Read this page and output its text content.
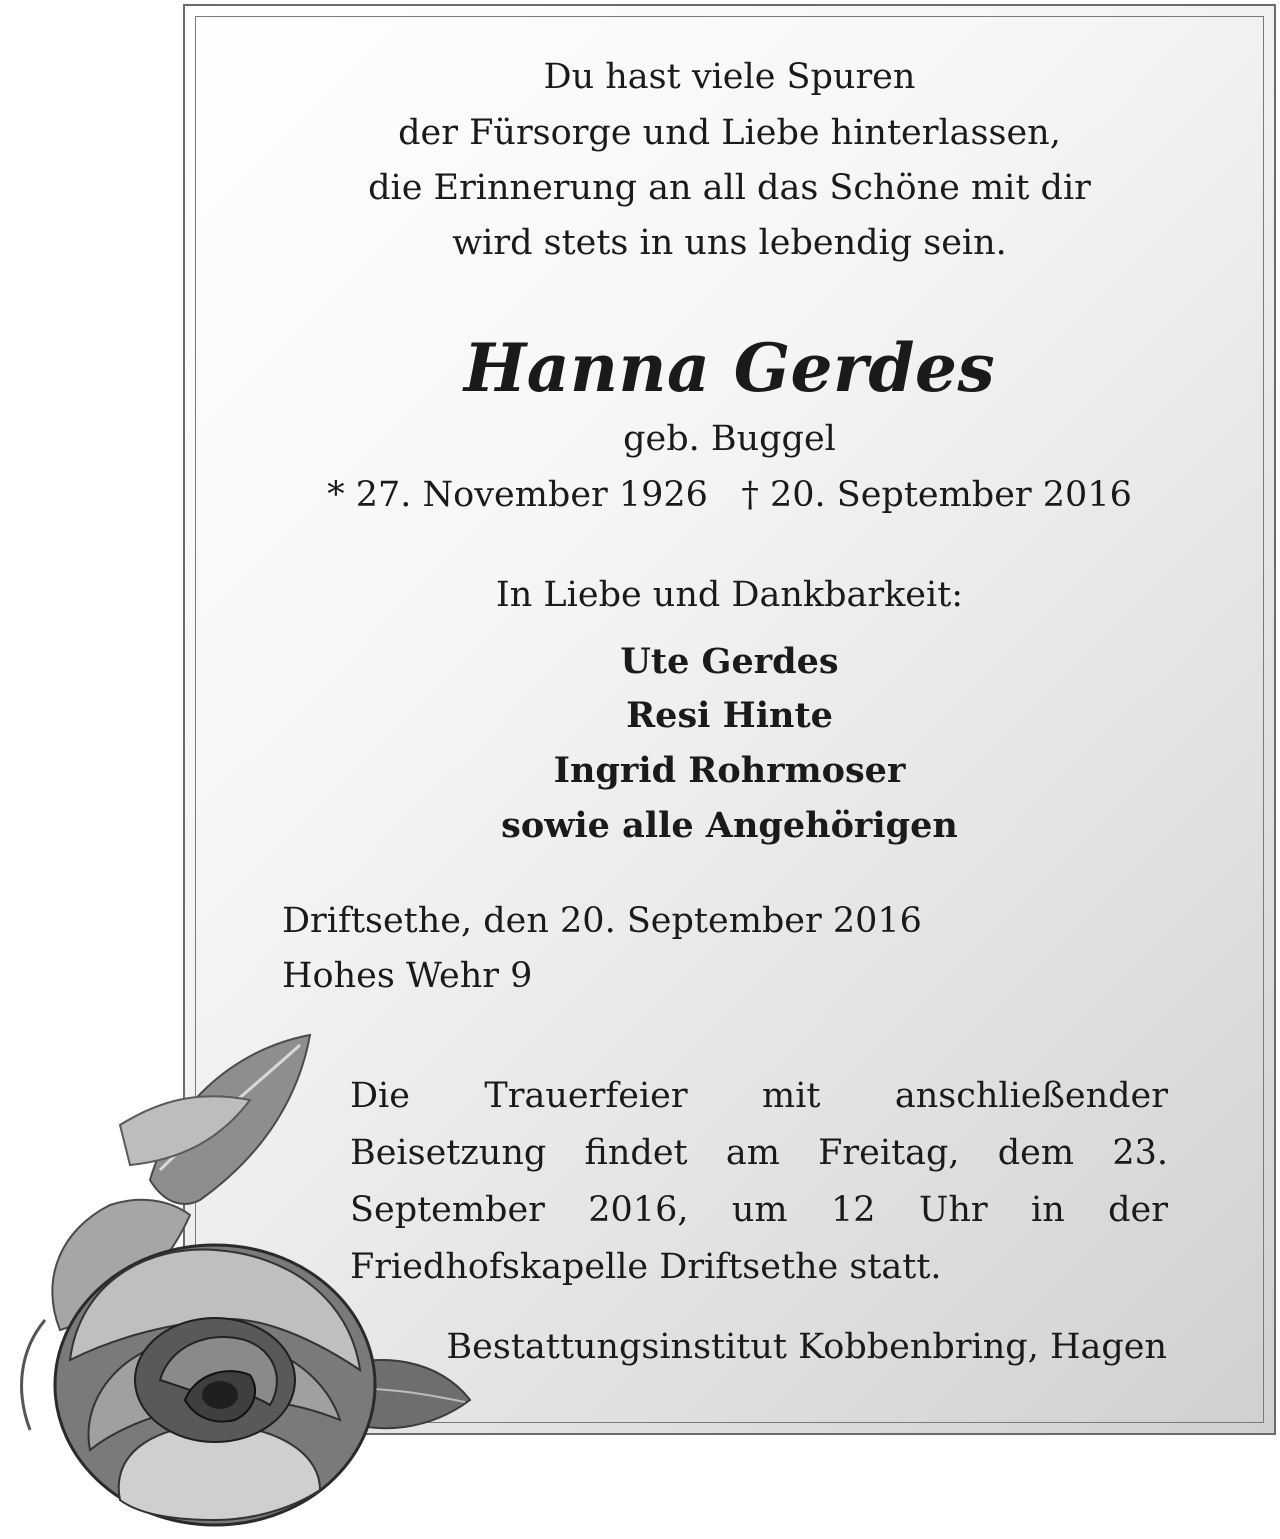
Du hast viele Spuren
der Fürsorge und Liebe hinterlassen,
die Erinnerung an all das Schöne mit dir
wird stets in uns lebendig sein.
Hanna Gerdes
geb. Buggel
* 27. November 1926   † 20. September 2016
In Liebe und Dankbarkeit:
Ute Gerdes
Resi Hinte
Ingrid Rohrmoser
sowie alle Angehörigen
Driftsethe, den 20. September 2016
Hohes Wehr 9
Die Trauerfeier mit anschließender Beisetzung findet am Freitag, dem 23. September 2016, um 12 Uhr in der Friedhofskapelle Driftsethe statt.
Bestattungsinstitut Kobbenbring, Hagen
